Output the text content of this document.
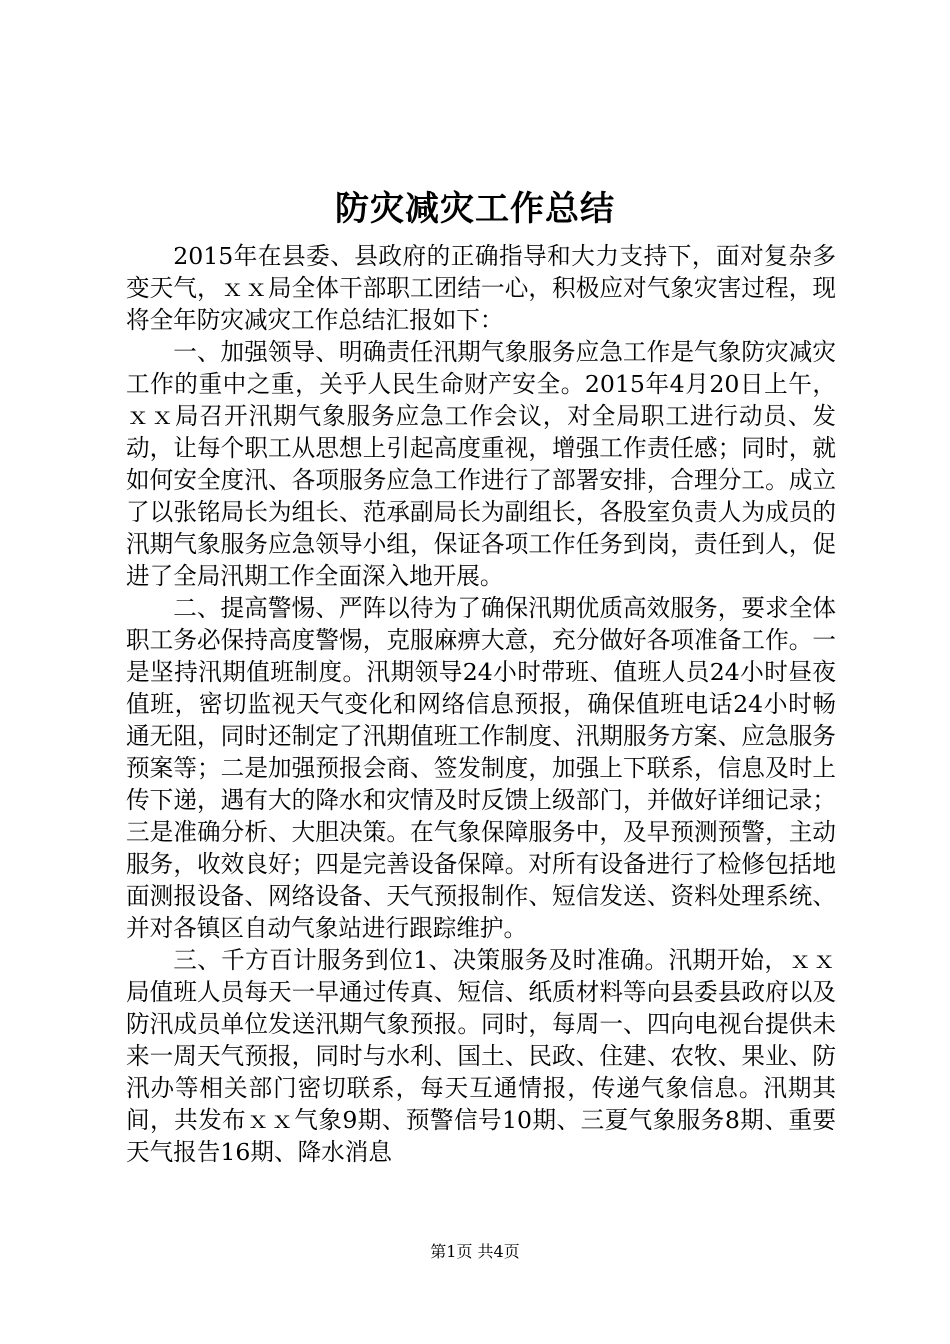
防灾减灾工作总结

2015年在县委、县政府的正确指导和大力支持下，面对复杂多变天气，ｘｘ局全体干部职工团结一心，积极应对气象灾害过程，现将全年防灾减灾工作总结汇报如下：

一、加强领导、明确责任汛期气象服务应急工作是气象防灾减灾工作的重中之重，关乎人民生命财产安全。2015年4月20日上午，ｘｘ局召开汛期气象服务应急工作会议，对全局职工进行动员、发动，让每个职工从思想上引起高度重视，增强工作责任感；同时，就如何安全度汛、各项服务应急工作进行了部署安排，合理分工。成立了以张铭局长为组长、范承副局长为副组长，各股室负责人为成员的汛期气象服务应急领导小组，保证各项工作任务到岗，责任到人，促进了全局汛期工作全面深入地开展。

二、提高警惕、严阵以待为了确保汛期优质高效服务，要求全体职工务必保持高度警惕，克服麻痹大意，充分做好各项准备工作。一是坚持汛期值班制度。汛期领导24小时带班、值班人员24小时昼夜值班，密切监视天气变化和网络信息预报，确保值班电话24小时畅通无阻，同时还制定了汛期值班工作制度、汛期服务方案、应急服务预案等；二是加强预报会商、签发制度，加强上下联系，信息及时上传下递，遇有大的降水和灾情及时反馈上级部门，并做好详细记录；三是准确分析、大胆决策。在气象保障服务中，及早预测预警，主动服务，收效良好；四是完善设备保障。对所有设备进行了检修包括地面测报设备、网络设备、天气预报制作、短信发送、资料处理系统、并对各镇区自动气象站进行跟踪维护。

三、千方百计服务到位1、决策服务及时准确。汛期开始，ｘｘ局值班人员每天一早通过传真、短信、纸质材料等向县委县政府以及防汛成员单位发送汛期气象预报。同时，每周一、四向电视台提供未来一周天气预报，同时与水利、国土、民政、住建、农牧、果业、防汛办等相关部门密切联系，每天互通情报，传递气象信息。汛期其间，共发布ｘｘ气象9期、预警信号10期、三夏气象服务8期、重要天气报告16期、降水消息

第1页 共4页
